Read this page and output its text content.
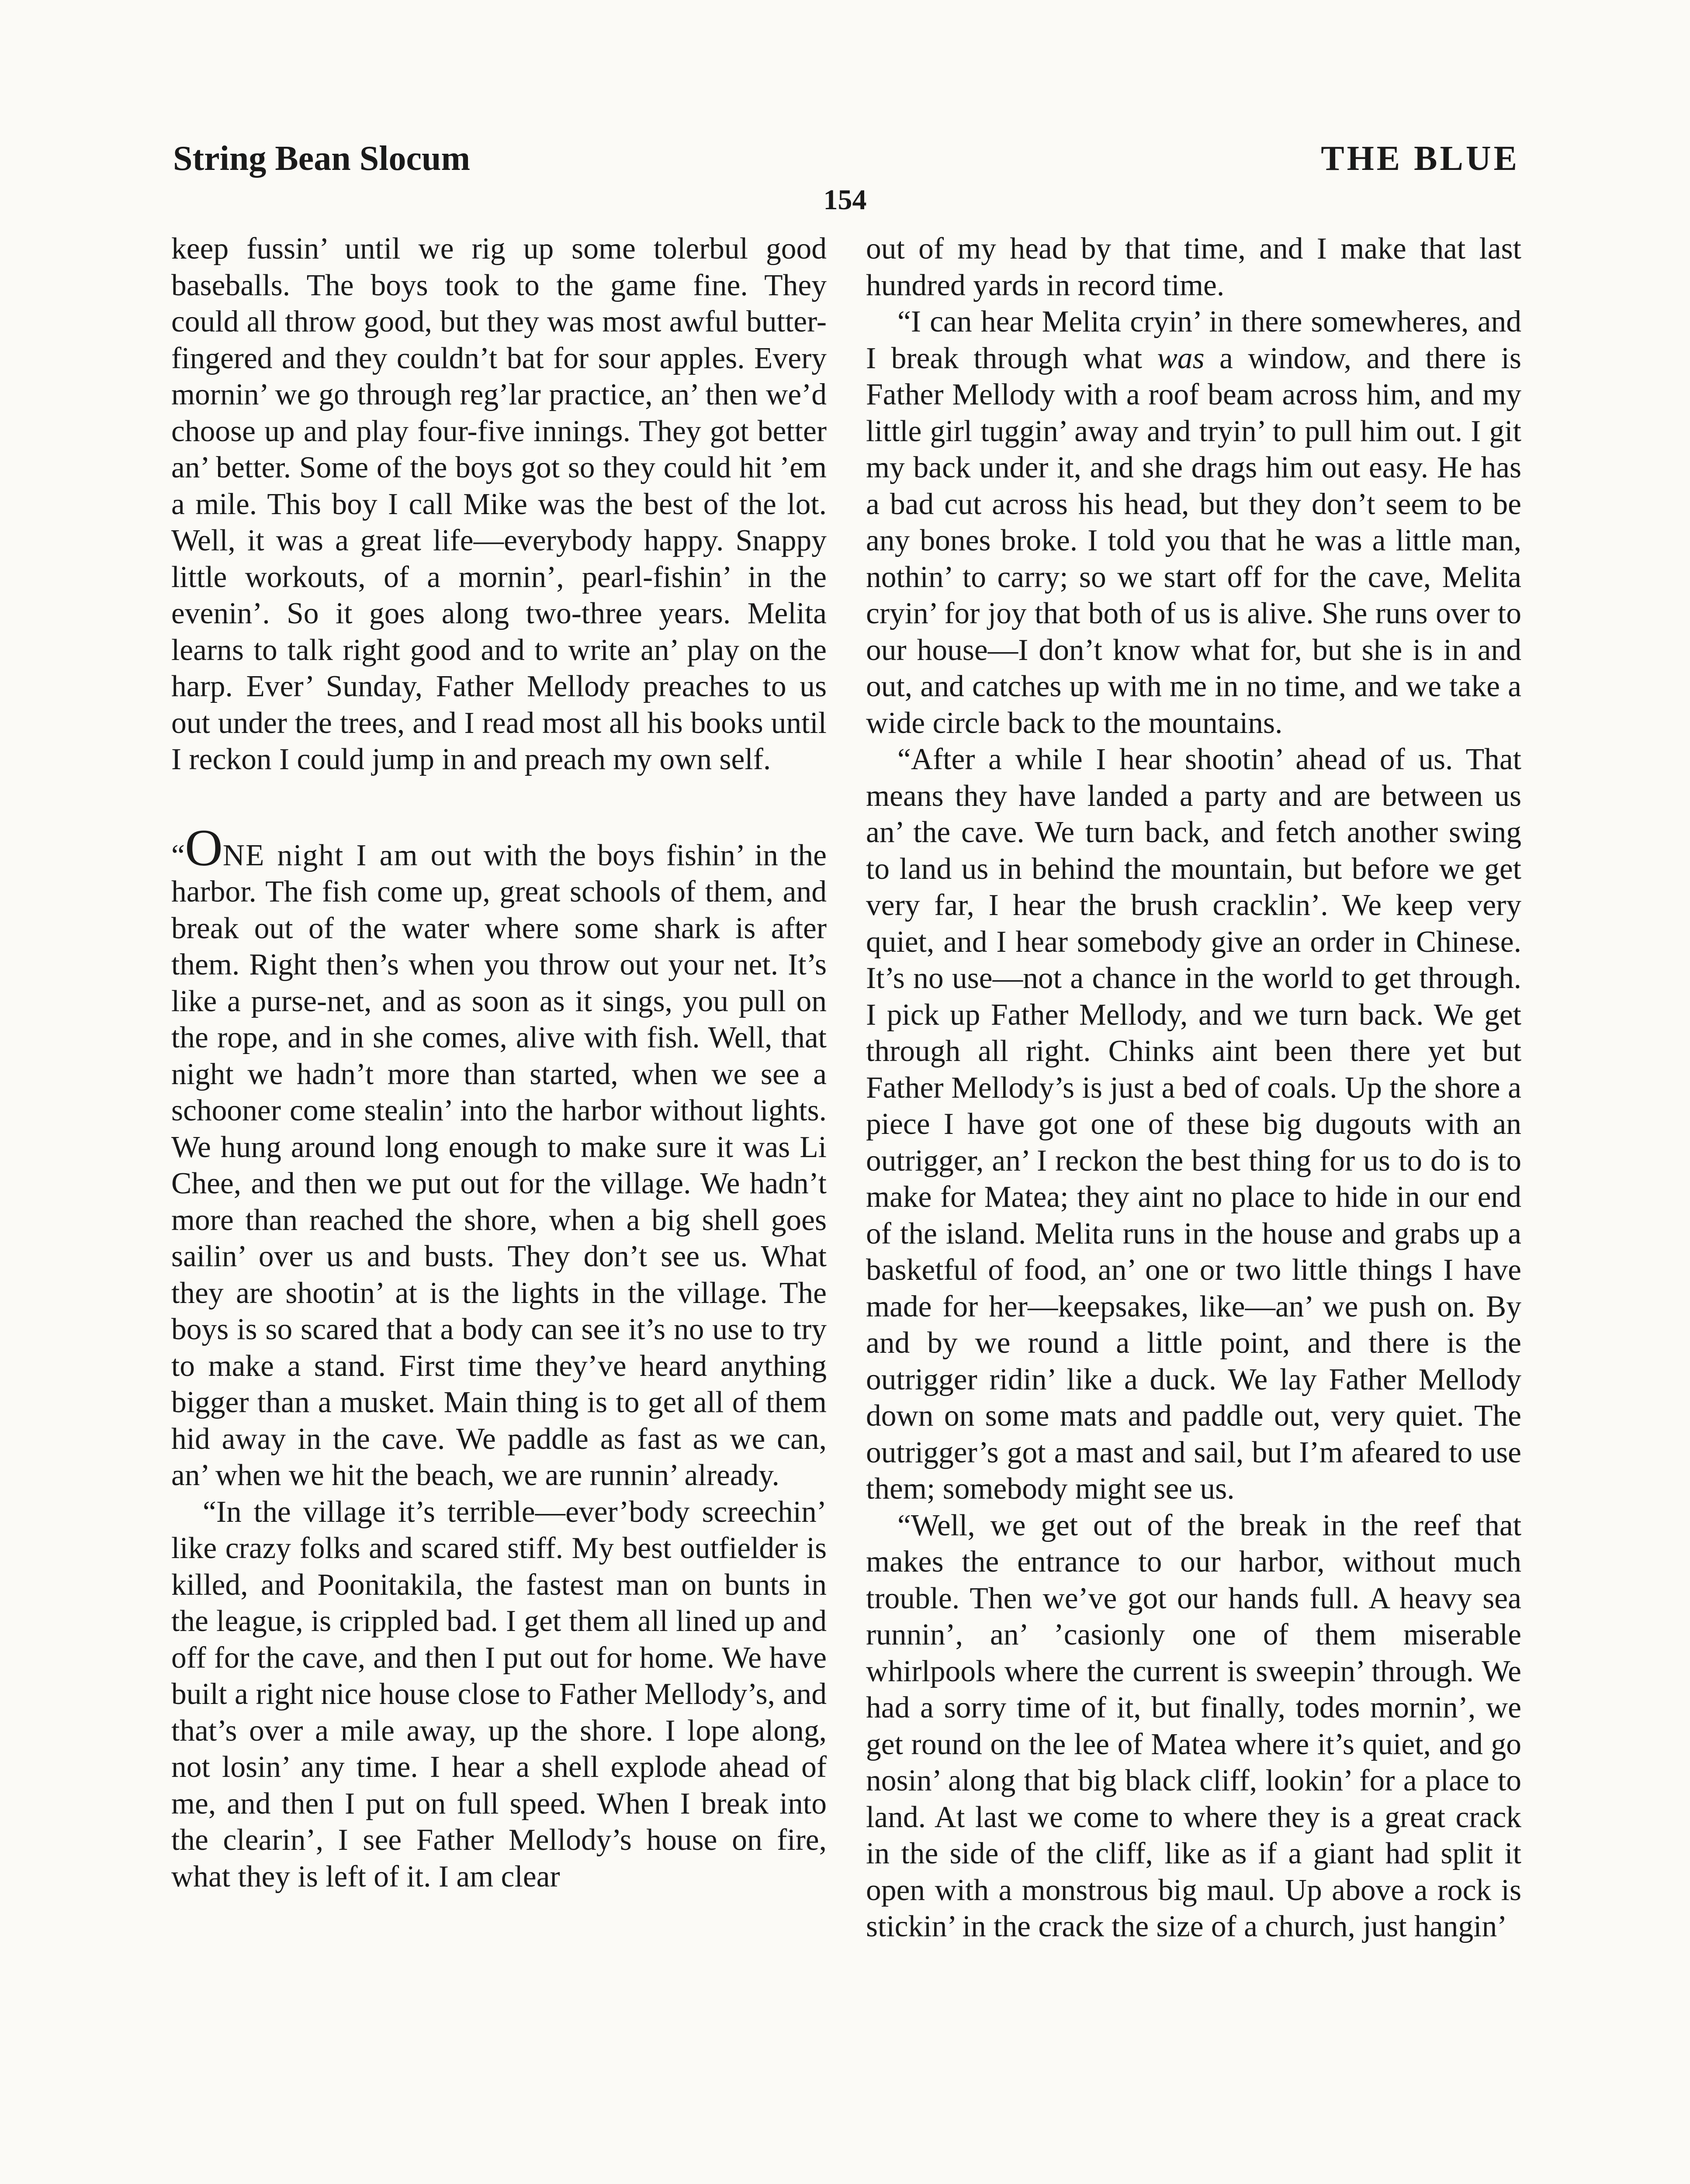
String Bean Slocum	THE BLUE
154

keep fussin’ until we rig up some tolerbul good baseballs. The boys took to the game fine. They could all throw good, but they was most awful butter-fingered and they couldn’t bat for sour apples. Every mornin’ we go through reg’lar practice, an’ then we’d choose up and play four-five innings. They got better an’ better. Some of the boys got so they could hit ’em a mile. This boy I call Mike was the best of the lot. Well, it was a great life—everybody happy. Snappy little workouts, of a mornin’, pearl-fishin’ in the evenin’. So it goes along two-three years. Melita learns to talk right good and to write an’ play on the harp. Ever’ Sunday, Father Mellody preaches to us out under the trees, and I read most all his books until I reckon I could jump in and preach my own self.

“ONE night I am out with the boys fishin’ in the harbor. The fish come up, great schools of them, and break out of the water where some shark is after them. Right then’s when you throw out your net. It’s like a purse-net, and as soon as it sings, you pull on the rope, and in she comes, alive with fish. Well, that night we hadn’t more than started, when we see a schooner come stealin’ into the harbor without lights. We hung around long enough to make sure it was Li Chee, and then we put out for the village. We hadn’t more than reached the shore, when a big shell goes sailin’ over us and busts. They don’t see us. What they are shootin’ at is the lights in the village. The boys is so scared that a body can see it’s no use to try to make a stand. First time they’ve heard anything bigger than a musket. Main thing is to get all of them hid away in the cave. We paddle as fast as we can, an’ when we hit the beach, we are runnin’ already.

“In the village it’s terrible—ever’body screechin’ like crazy folks and scared stiff. My best outfielder is killed, and Poonitakila, the fastest man on bunts in the league, is crippled bad. I get them all lined up and off for the cave, and then I put out for home. We have built a right nice house close to Father Mellody’s, and that’s over a mile away, up the shore. I lope along, not losin’ any time. I hear a shell explode ahead of me, and then I put on full speed. When I break into the clearin’, I see Father Mellody’s house on fire, what they is left of it. I am clear

out of my head by that time, and I make that last hundred yards in record time.

“I can hear Melita cryin’ in there somewheres, and I break through what was a window, and there is Father Mellody with a roof beam across him, and my little girl tuggin’ away and tryin’ to pull him out. I git my back under it, and she drags him out easy. He has a bad cut across his head, but they don’t seem to be any bones broke. I told you that he was a little man, nothin’ to carry; so we start off for the cave, Melita cryin’ for joy that both of us is alive. She runs over to our house—I don’t know what for, but she is in and out, and catches up with me in no time, and we take a wide circle back to the mountains.

“After a while I hear shootin’ ahead of us. That means they have landed a party and are between us an’ the cave. We turn back, and fetch another swing to land us in behind the mountain, but before we get very far, I hear the brush cracklin’. We keep very quiet, and I hear somebody give an order in Chinese. It’s no use—not a chance in the world to get through. I pick up Father Mellody, and we turn back. We get through all right. Chinks aint been there yet but Father Mellody’s is just a bed of coals. Up the shore a piece I have got one of these big dugouts with an outrigger, an’ I reckon the best thing for us to do is to make for Matea; they aint no place to hide in our end of the island. Melita runs in the house and grabs up a basketful of food, an’ one or two little things I have made for her—keepsakes, like—an’ we push on. By and by we round a little point, and there is the outrigger ridin’ like a duck. We lay Father Mellody down on some mats and paddle out, very quiet. The outrigger’s got a mast and sail, but I’m afeared to use them; somebody might see us.

“Well, we get out of the break in the reef that makes the entrance to our harbor, without much trouble. Then we’ve got our hands full. A heavy sea runnin’, an’ ’casionly one of them miserable whirlpools where the current is sweepin’ through. We had a sorry time of it, but finally, todes mornin’, we get round on the lee of Matea where it’s quiet, and go nosin’ along that big black cliff, lookin’ for a place to land. At last we come to where they is a great crack in the side of the cliff, like as if a giant had split it open with a monstrous big maul. Up above a rock is stickin’ in the crack the size of a church, just hangin’
